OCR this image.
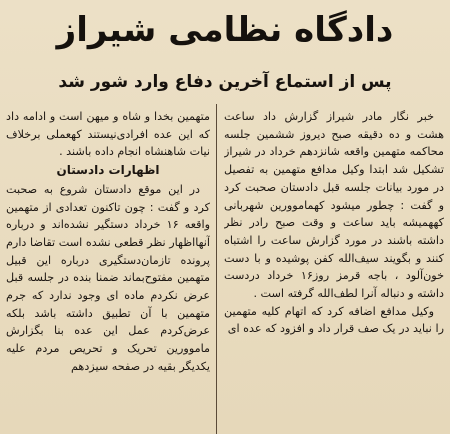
دادگاه نظامی شیراز
پس از استماع آخرین دفاع وارد شور شد

خبر نگار مادر شیراز گزارش داد ساعت هشت و ده دقیقه صبح دیروز ششمین جلسه محاکمه متهمین واقعه شانزدهم خرداد در شیراز تشکیل شد ابتدا وکیل مدافع متهمین به تفصیل در مورد بیانات جلسه قبل دادستان صحبت کرد و گفت : چطور میشود کهماموورین شهربانی کههمیشه باید ساعت و وقت صبح رادر نظر داشته باشند در مورد گزارش ساعت را اشتباه کنند و بگویند سیف‌الله کفن پوشیده و با دست خون‌آلود ، باجه قرمز روز۱۶ خرداد دردست داشته و دنباله آنرا لطف‌الله گرفته است .

وکیل مدافع اضافه کرد که اتهام کلیه متهمین را نباید در یک صف قرار داد و افزود که عده ای

متهمین بخدا و شاه و میهن است و ادامه داد که این عده افرادی‌نیستند کهعملی برخلاف نیات شاهنشاه انجام داده باشند .

اظهارات دادستان

در این موقع دادستان شروع به صحبت کرد و گفت : چون تاکنون تعدادی از متهمین واقعه ۱۶ خرداد دستگیر نشده‌اند و درباره آنهااظهار نظر قطعی نشده است تقاضا دارم پرونده تازمان‌دستگیری درباره این قبیل متهمین مفتوح‌بماند ضمنا بنده در جلسه قبل عرض نکردم ماده ای وجود ندارد که جرم متهمین با آن تطبیق داشته باشد بلکه عرض‌کردم عمل این عده بنا بگزارش ماموورین تحریک و تحریص مردم علیه یکدیگر بقیه در صفحه سیزدهم
